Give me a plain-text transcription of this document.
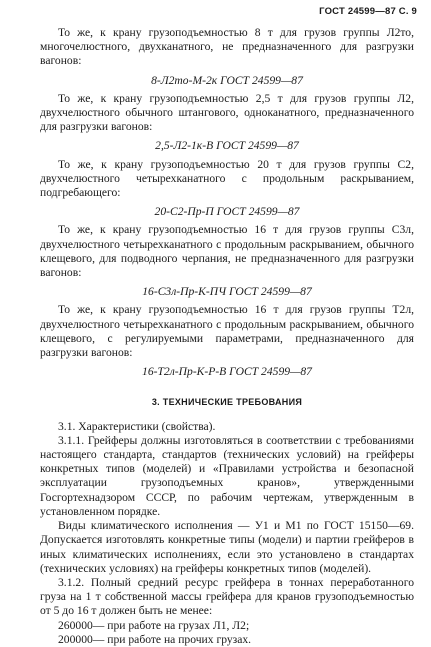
ГОСТ 24599—87 С. 9

То же, к крану грузоподъемностью 8 т для грузов группы Л2то, многочелюстного, двухканатного, не предназначенного для разгрузки вагонов:

8-Л2то-М-2к ГОСТ 24599—87

То же, к крану грузоподъемностью 2,5 т для грузов группы Л2, двухчелюстного обычного штангового, одноканатного, предназначенного для разгрузки вагонов:

2,5-Л2-1к-В ГОСТ 24599—87

То же, к крану грузоподъемностью 20 т для грузов группы С2, двухчелюстного четырехканатного с продольным раскрыванием, подгребающего:

20-С2-Пр-П ГОСТ 24599—87

То же, к крану грузоподъемностью 16 т для грузов группы С3л, двухчелюстного четырехканатного с продольным раскрыванием, обычного клещевого, для подводного черпания, не предназначенного для разгрузки вагонов:

16-С3л-Пр-К-ПЧ ГОСТ 24599—87

То же, к крану грузоподъемностью 16 т для грузов группы Т2л, двухчелюстного четырехканатного с продольным раскрыванием, обычного клещевого, с регулируемыми параметрами, предназначенного для разгрузки вагонов:

16-Т2л-Пр-К-Р-В ГОСТ 24599—87

3. ТЕХНИЧЕСКИЕ ТРЕБОВАНИЯ

3.1. Характеристики (свойства).

3.1.1. Грейферы должны изготовляться в соответствии с требованиями настоящего стандарта, стандартов (технических условий) на грейферы конкретных типов (моделей) и «Правилами устройства и безопасной эксплуатации грузоподъемных кранов», утвержденными Госгортехнадзором СССР, по рабочим чертежам, утвержденным в установленном порядке.

Виды климатического исполнения — У1 и М1 по ГОСТ 15150—69. Допускается изготовлять конкретные типы (модели) и партии грейферов в иных климатических исполнениях, если это установлено в стандартах (технических условиях) на грейферы конкретных типов (моделей).

3.1.2. Полный средний ресурс грейфера в тоннах переработанного груза на 1 т собственной массы грейфера для кранов грузоподъемностью от 5 до 16 т должен быть не менее:

260000— при работе на грузах Л1, Л2;

200000— при работе на прочих грузах.
